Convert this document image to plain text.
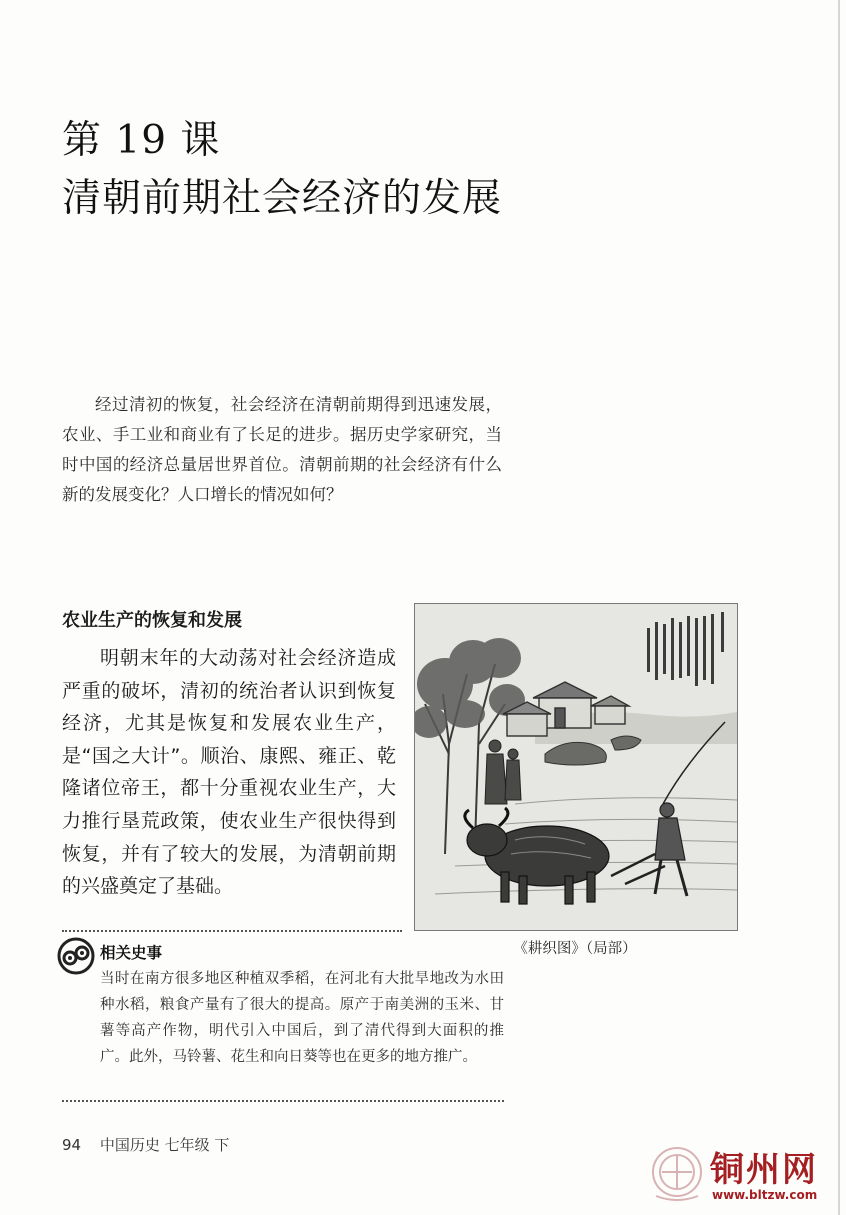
第 19 课
清朝前期社会经济的发展

经过清初的恢复，社会经济在清朝前期得到迅速发展，农业、手工业和商业有了长足的进步。据历史学家研究，当时中国的经济总量居世界首位。清朝前期的社会经济有什么新的发展变化？人口增长的情况如何？

农业生产的恢复和发展

明朝末年的大动荡对社会经济造成严重的破坏，清初的统治者认识到恢复经济，尤其是恢复和发展农业生产，是“国之大计”。顺治、康熙、雍正、乾隆诸位帝王，都十分重视农业生产，大力推行垦荒政策，使农业生产很快得到恢复，并有了较大的发展，为清朝前期的兴盛奠定了基础。

《耕织图》（局部）
相关史事

当时在南方很多地区种植双季稻，在河北有大批旱地改为水田种水稻，粮食产量有了很大的提高。原产于南美洲的玉米、甘薯等高产作物，明代引入中国后，到了清代得到大面积的推广。此外，马铃薯、花生和向日葵等也在更多的地方推广。

94 中国历史 七年级 下
铜州网
www.bltzw.com
